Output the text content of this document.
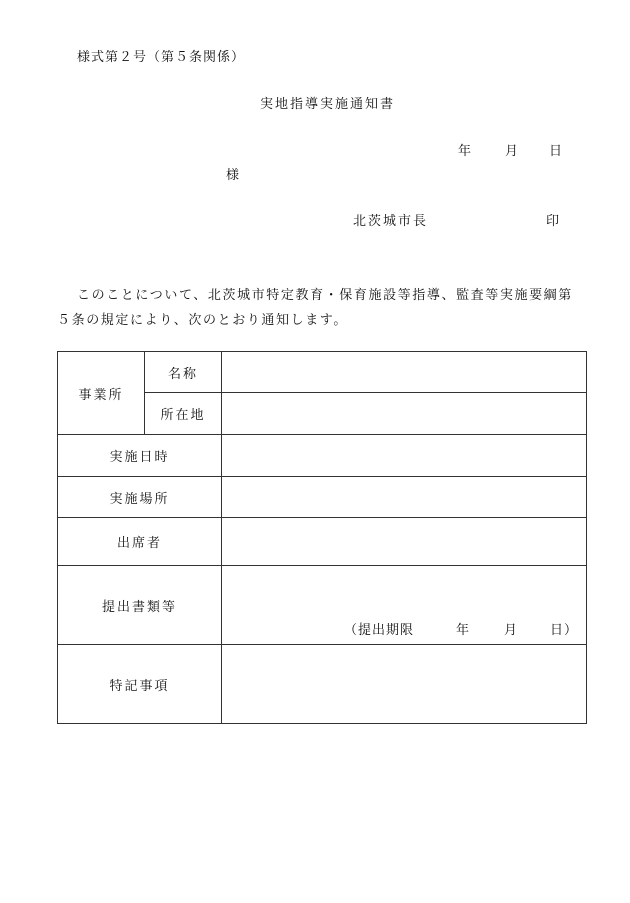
様式第２号（第５条関係）
実地指導実施通知書
年	月 日
様
北茨城市長	印
このことについて、北茨城市特定教育・保育施設等指導、監査等実施要綱第５条の規定により、次のとおり通知します。
事業所	名称	
	所在地	
実施日時		
実施場所		
出席者		
提出書類等		（提出期限 年 月 日）

特記事項		
